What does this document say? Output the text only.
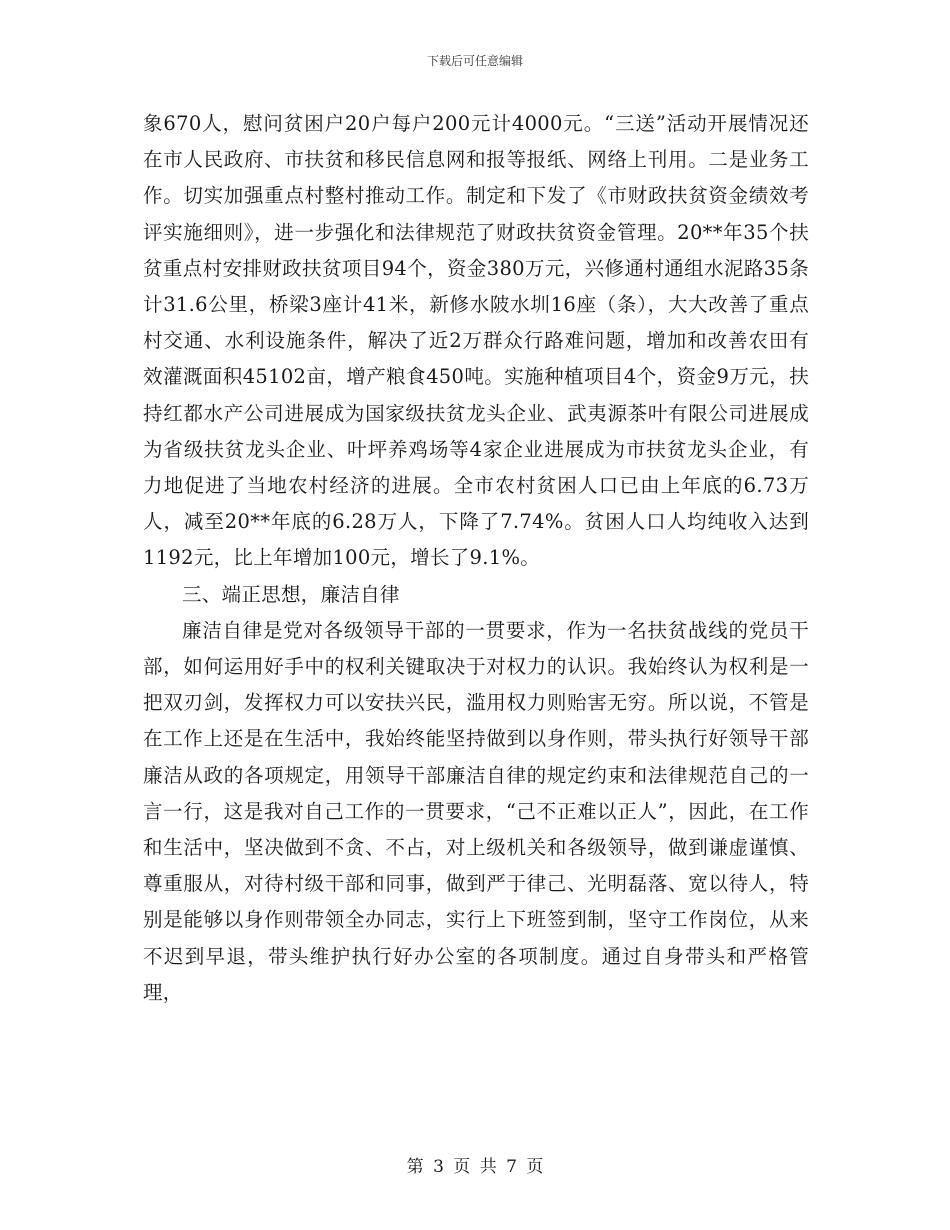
下载后可任意编辑

象670人，慰问贫困户20户每户200元计4000元。“三送”活动开展情况还在市人民政府、市扶贫和移民信息网和报等报纸、网络上刊用。二是业务工作。切实加强重点村整村推动工作。制定和下发了《市财政扶贫资金绩效考评实施细则》，进一步强化和法律规范了财政扶贫资金管理。20**年35个扶贫重点村安排财政扶贫项目94个，资金380万元，兴修通村通组水泥路35条计31.6公里，桥梁3座计41米，新修水陂水圳16座（条），大大改善了重点村交通、水利设施条件，解决了近2万群众行路难问题，增加和改善农田有效灌溉面积45102亩，增产粮食450吨。实施种植项目4个，资金9万元，扶持红都水产公司进展成为国家级扶贫龙头企业、武夷源茶叶有限公司进展成为省级扶贫龙头企业、叶坪养鸡场等4家企业进展成为市扶贫龙头企业，有力地促进了当地农村经济的进展。全市农村贫困人口已由上年底的6.73万人，减至20**年底的6.28万人，下降了7.74%。贫困人口人均纯收入达到1192元，比上年增加100元，增长了9.1%。

三、端正思想，廉洁自律

廉洁自律是党对各级领导干部的一贯要求，作为一名扶贫战线的党员干部，如何运用好手中的权利关键取决于对权力的认识。我始终认为权利是一把双刃剑，发挥权力可以安扶兴民，滥用权力则贻害无穷。所以说，不管是在工作上还是在生活中，我始终能坚持做到以身作则，带头执行好领导干部廉洁从政的各项规定，用领导干部廉洁自律的规定约束和法律规范自己的一言一行，这是我对自己工作的一贯要求，“己不正难以正人”，因此，在工作和生活中，坚决做到不贪、不占，对上级机关和各级领导，做到谦虚谨慎、尊重服从，对待村级干部和同事，做到严于律己、光明磊落、宽以待人，特别是能够以身作则带领全办同志，实行上下班签到制，坚守工作岗位，从来不迟到早退，带头维护执行好办公室的各项制度。通过自身带头和严格管理，

第 3 页 共 7 页
